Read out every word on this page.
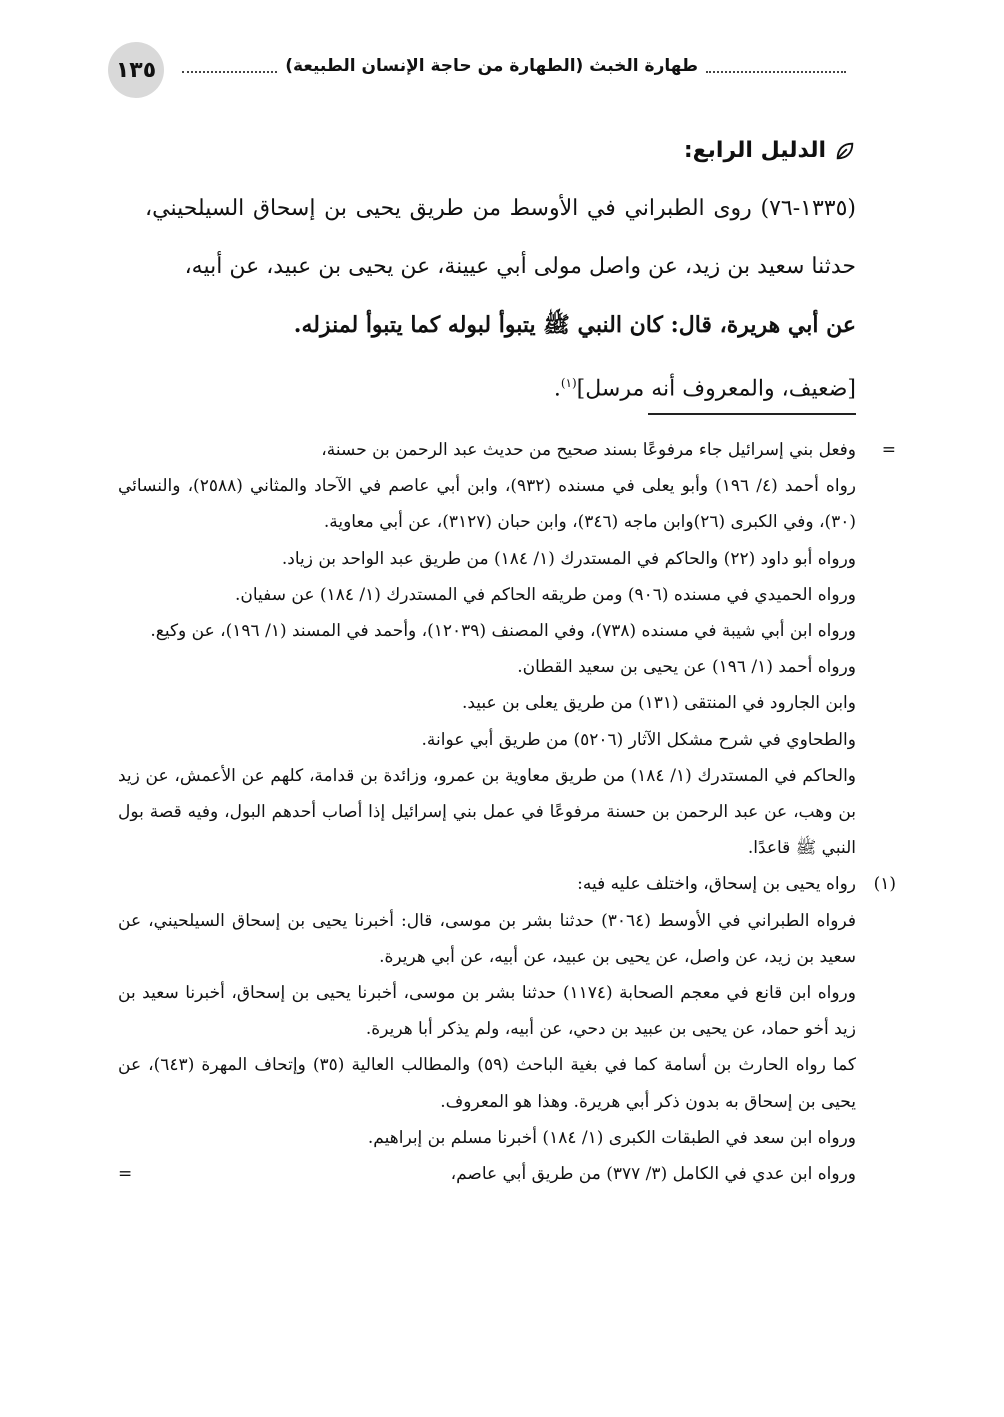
١٣٥	طهارة الخبث (الطهارة من حاجة الإنسان الطبيعة)
الدليل الرابع:

(١٣٣٥-٧٦) روى الطبراني في الأوسط من طريق يحيى بن إسحاق السيلحيني، حدثنا سعيد بن زيد، عن واصل مولى أبي عيينة، عن يحيى بن عبيد، عن أبيه،

عن أبي هريرة، قال: كان النبي ﷺ يتبوأ لبوله كما يتبوأ لمنزله.

[ضعيف، والمعروف أنه مرسل]$^{(١)}$.

=

وفعل بني إسرائيل جاء مرفوعًا بسند صحيح من حديث عبد الرحمن بن حسنة،

رواه أحمد (٤/ ١٩٦) وأبو يعلى في مسنده (٩٣٢)، وابن أبي عاصم في الآحاد والمثاني (٢٥٨٨)، والنسائي (٣٠)، وفي الكبرى (٢٦)وابن ماجه (٣٤٦)، وابن حبان (٣١٢٧)، عن أبي معاوية.

ورواه أبو داود (٢٢) والحاكم في المستدرك (١/ ١٨٤) من طريق عبد الواحد بن زياد.

ورواه الحميدي في مسنده (٩٠٦) ومن طريقه الحاكم في المستدرك (١/ ١٨٤) عن سفيان.

ورواه ابن أبي شيبة في مسنده (٧٣٨)، وفي المصنف (١٢٠٣٩)، وأحمد في المسند (١/ ١٩٦)، عن وكيع.

ورواه أحمد (١/ ١٩٦) عن يحيى بن سعيد القطان.

وابن الجارود في المنتقى (١٣١) من طريق يعلى بن عبيد.

والطحاوي في شرح مشكل الآثار (٥٢٠٦) من طريق أبي عوانة.

والحاكم في المستدرك (١/ ١٨٤) من طريق معاوية بن عمرو، وزائدة بن قدامة، كلهم عن الأعمش، عن زيد بن وهب، عن عبد الرحمن بن حسنة مرفوعًا في عمل بني إسرائيل إذا أصاب أحدهم البول، وفيه قصة بول النبي ﷺ قاعدًا.

(١)

رواه يحيى بن إسحاق، واختلف عليه فيه:

فرواه الطبراني في الأوسط (٣٠٦٤) حدثنا بشر بن موسى، قال: أخبرنا يحيى بن إسحاق السيلحيني، عن سعيد بن زيد، عن واصل، عن يحيى بن عبيد، عن أبيه، عن أبي هريرة.

ورواه ابن قانع في معجم الصحابة (١١٧٤) حدثنا بشر بن موسى، أخبرنا يحيى بن إسحاق، أخبرنا سعيد بن زيد أخو حماد، عن يحيى بن عبيد بن دحي، عن أبيه، ولم يذكر أبا هريرة.

كما رواه الحارث بن أسامة كما في بغية الباحث (٥٩) والمطالب العالية (٣٥) وإتحاف المهرة (٦٤٣)، عن يحيى بن إسحاق به بدون ذكر أبي هريرة. وهذا هو المعروف.

ورواه ابن سعد في الطبقات الكبرى (١/ ١٨٤) أخبرنا مسلم بن إبراهيم.

ورواه ابن عدي في الكامل (٣/ ٣٧٧) من طريق أبي عاصم،

=
